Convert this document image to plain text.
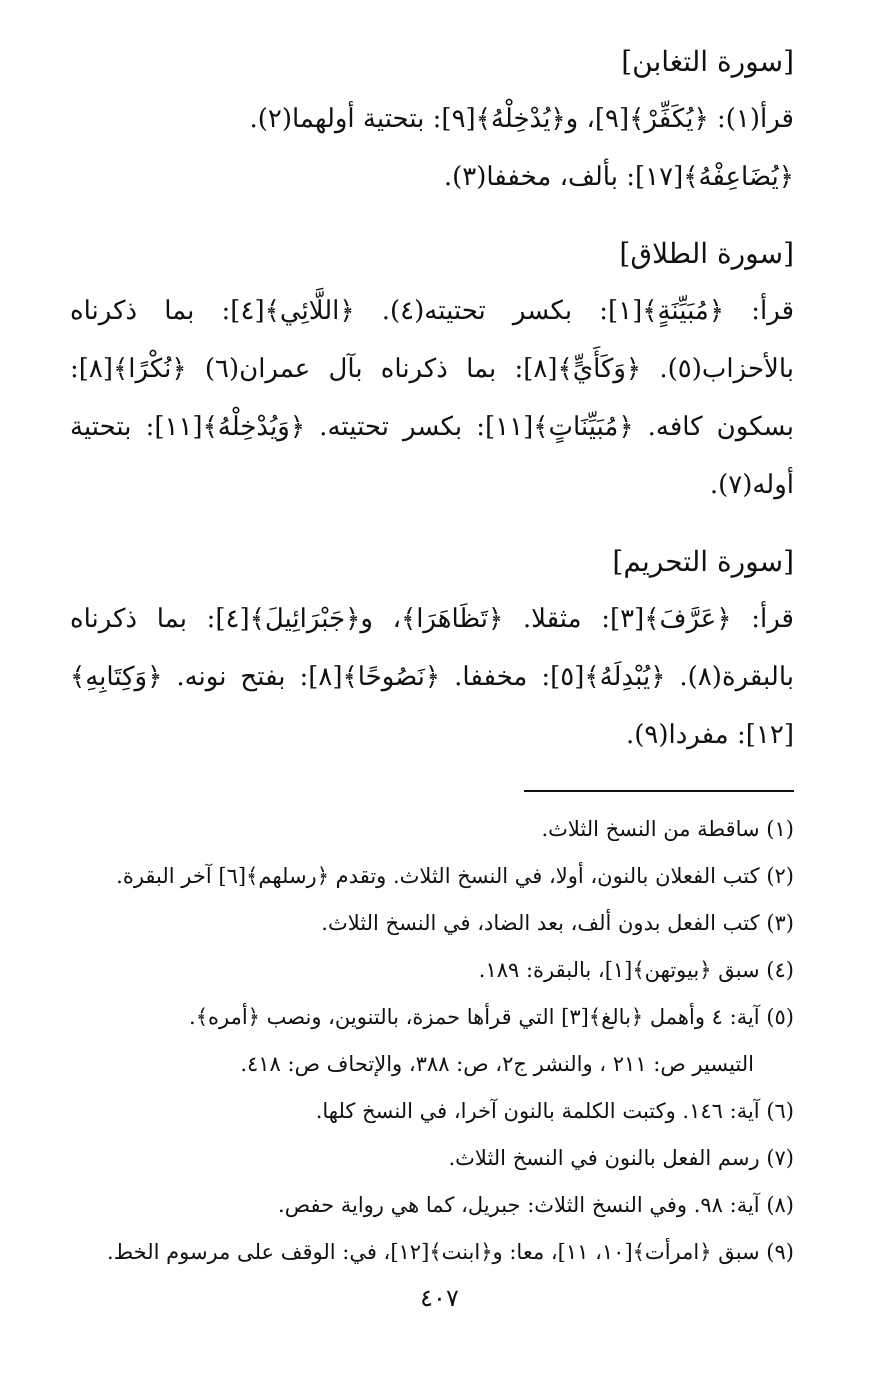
[سورة التغابن]
قرأ(١): ﴿يُكَفِّرْ﴾[٩]، و﴿يُدْخِلْهُ﴾[٩]: بتحتية أولهما(٢).
﴿يُضَاعِفْهُ﴾[١٧]: بألف، مخففا(٣).
[سورة الطلاق]
قرأ: ﴿مُبَيِّنَةٍ﴾[١]: بكسر تحتيته(٤). ﴿اللَّائِي﴾[٤]: بما ذكرناه بالأحزاب(٥). ﴿وَكَأَيٍّ﴾[٨]: بما ذكرناه بآل عمران(٦) ﴿نُكْرًا﴾[٨]: بسكون كافه. ﴿مُبَيِّنَاتٍ﴾[١١]: بكسر تحتيته. ﴿وَيُدْخِلْهُ﴾[١١]: بتحتية أوله(٧).
[سورة التحريم]
قرأ: ﴿عَرَّفَ﴾[٣]: مثقلا. ﴿تَظَاهَرَا﴾، و﴿جَبْرَائِيلَ﴾[٤]: بما ذكرناه بالبقرة(٨). ﴿يُبْدِلَهُ﴾[٥]: مخففا. ﴿نَصُوحًا﴾[٨]: بفتح نونه. ﴿وَكِتَابِهِ﴾[١٢]: مفردا(٩).
(١) ساقطة من النسخ الثلاث.
(٢) كتب الفعلان بالنون، أولا، في النسخ الثلاث. وتقدم ﴿رسلهم﴾[٦] آخر البقرة.
(٣) كتب الفعل بدون ألف، بعد الضاد، في النسخ الثلاث.
(٤) سبق ﴿بيوتهن﴾[١]، بالبقرة: ١٨٩.
(٥) آية: ٤ وأهمل ﴿بالغ﴾[٣] التي قرأها حمزة، بالتنوين، ونصب ﴿أمره﴾.
التيسير ص: ٢١١ ، والنشر ج٢، ص: ٣٨٨، والإتحاف ص: ٤١٨.
(٦) آية: ١٤٦. وكتبت الكلمة بالنون آخرا، في النسخ كلها.
(٧) رسم الفعل بالنون في النسخ الثلاث.
(٨) آية: ٩٨. وفي النسخ الثلاث: جبريل، كما هي رواية حفص.
(٩) سبق ﴿امرأت﴾[١٠، ١١]، معا: و﴿ابنت﴾[١٢]، في: الوقف على مرسوم الخط.
٤٠٧
